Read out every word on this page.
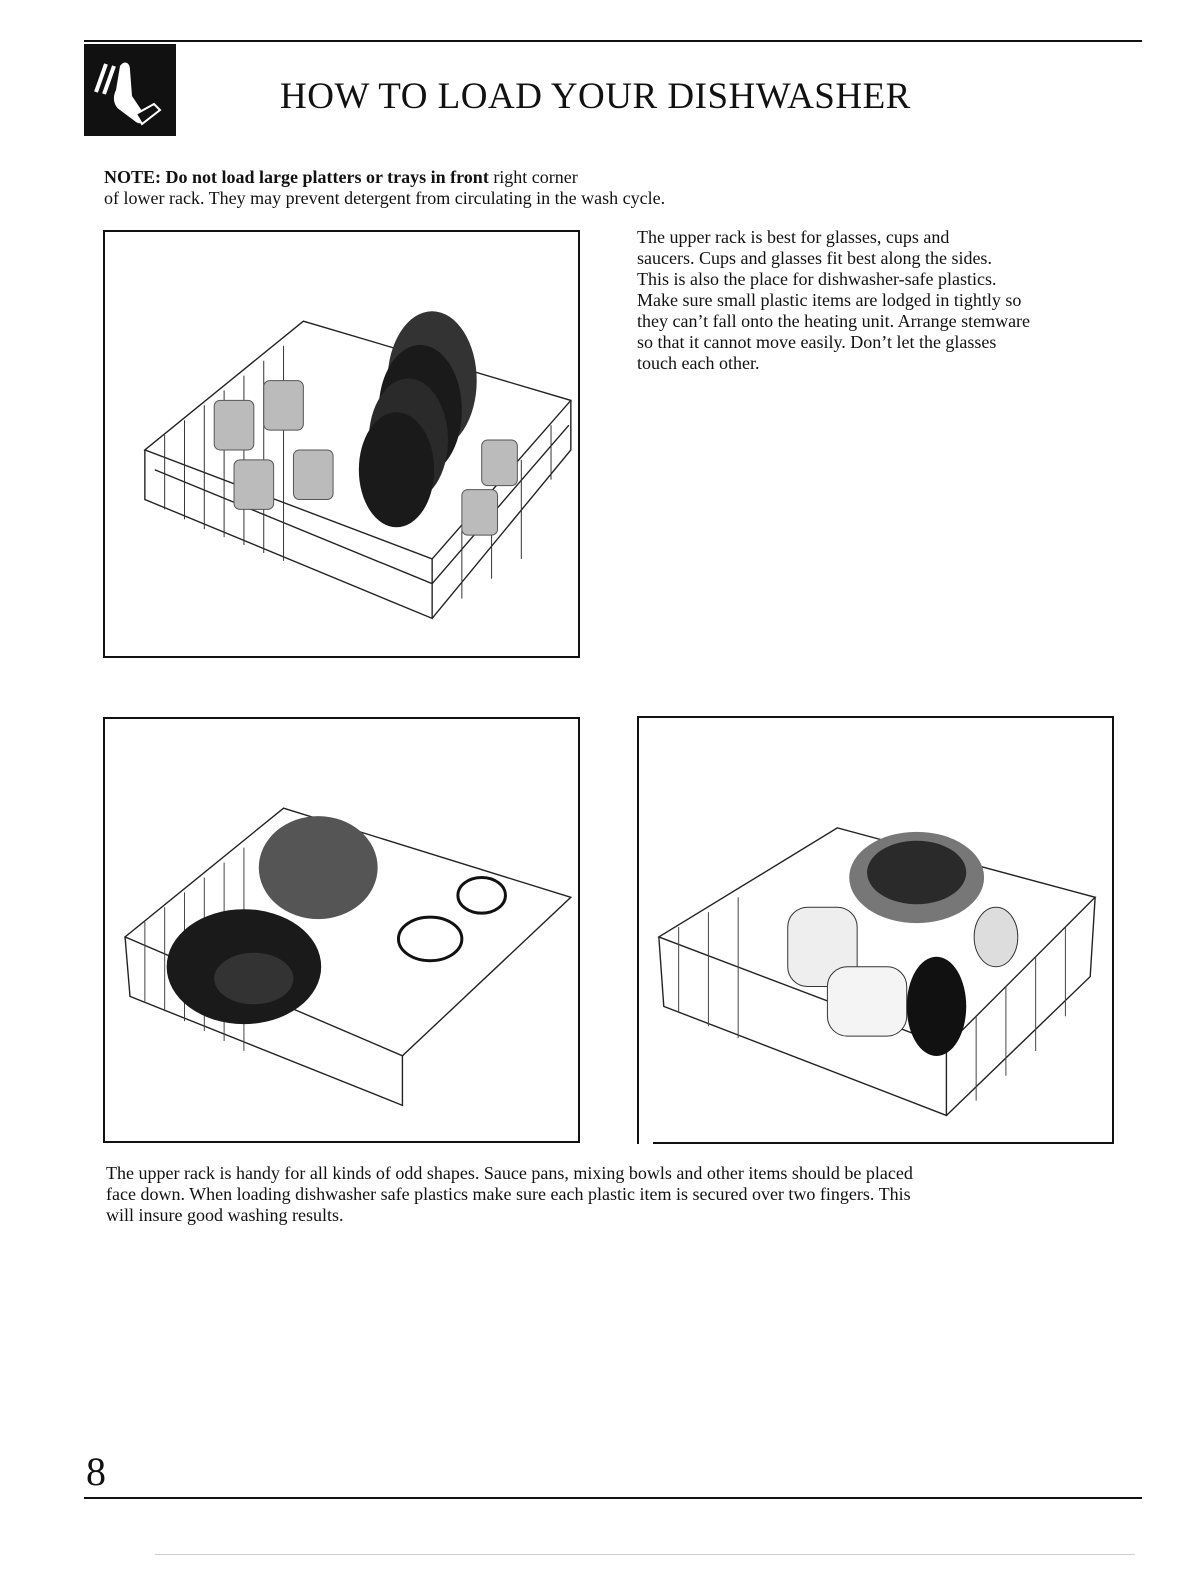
HOW TO LOAD YOUR DISHWASHER
NOTE: Do not load large platters or trays in front right corner
of lower rack. They may prevent detergent from circulating in the wash cycle.
The upper rack is best for glasses, cups and
saucers. Cups and glasses fit best along the sides.
This is also the place for dishwasher-safe plastics.
Make sure small plastic items are lodged in tightly so
they can’t fall onto the heating unit. Arrange stemware
so that it cannot move easily. Don’t let the glasses
touch each other.
The upper rack is handy for all kinds of odd shapes. Sauce pans, mixing bowls and other items should be placed
face down. When loading dishwasher safe plastics make sure each plastic item is secured over two fingers. This
will insure good washing results.
8
